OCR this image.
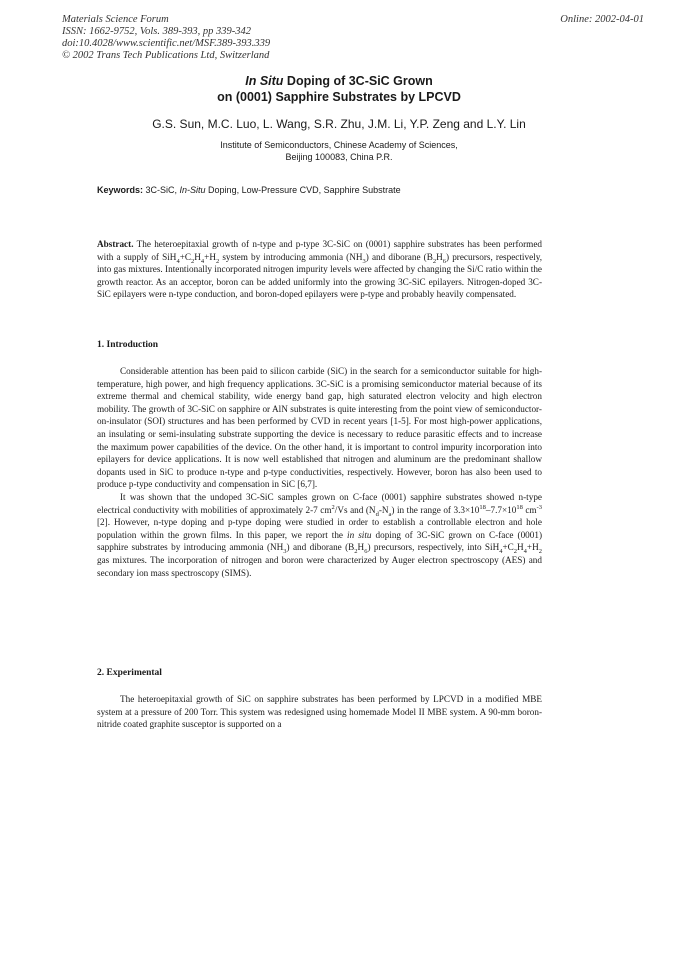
Materials Science Forum
ISSN: 1662-9752, Vols. 389-393, pp 339-342
doi:10.4028/www.scientific.net/MSF.389-393.339
© 2002 Trans Tech Publications Ltd, Switzerland
Online: 2002-04-01
In Situ Doping of 3C-SiC Grown
on (0001) Sapphire Substrates by LPCVD
G.S. Sun, M.C. Luo, L. Wang, S.R. Zhu, J.M. Li, Y.P. Zeng and L.Y. Lin
Institute of Semiconductors, Chinese Academy of Sciences,
Beijing 100083, China P.R.
Keywords: 3C-SiC, In-Situ Doping, Low-Pressure CVD, Sapphire Substrate

Abstract. The heteroepitaxial growth of n-type and p-type 3C-SiC on (0001) sapphire substrates has been performed with a supply of $SiH_4+C_2H_4+H_2$ system by introducing ammonia $(NH_3)$ and diborane $(B_2H_6)$ precursors, respectively, into gas mixtures. Intentionally incorporated nitrogen impurity levels were affected by changing the Si/C ratio within the growth reactor. As an acceptor, boron can be added uniformly into the growing 3C-SiC epilayers. Nitrogen-doped 3C-SiC epilayers were n-type conduction, and boron-doped epilayers were p-type and probably heavily compensated.

1. Introduction

Considerable attention has been paid to silicon carbide (SiC) in the search for a semiconductor suitable for high-temperature, high power, and high frequency applications. 3C-SiC is a promising semiconductor material because of its extreme thermal and chemical stability, wide energy band gap, high saturated electron velocity and high electron mobility. The growth of 3C-SiC on sapphire or AlN substrates is quite interesting from the point view of semiconductor-on-insulator (SOI) structures and has been performed by CVD in recent years [1-5]. For most high-power applications, an insulating or semi-insulating substrate supporting the device is necessary to reduce parasitic effects and to increase the maximum power capabilities of the device. On the other hand, it is important to control impurity incorporation into epilayers for device applications. It is now well established that nitrogen and aluminum are the predominant shallow dopants used in SiC to produce n-type and p-type conductivities, respectively. However, boron has also been used to produce p-type conductivity and compensation in SiC [6,7].

It was shown that the undoped 3C-SiC samples grown on C-face (0001) sapphire substrates showed n-type electrical conductivity with mobilities of approximately 2-7 $cm^2/Vs$ and $(N_d-N_a)$ in the range of $3.3\times 10^{18}-7.7\times 10^{18}$ $cm^{-3}$ [2]. However, n-type doping and p-type doping were studied in order to establish a controllable electron and hole population within the grown films. In this paper, we report the in situ doping of 3C-SiC grown on C-face (0001) sapphire substrates by introducing ammonia $(NH_3)$ and diborane $(B_2H_6)$ precursors, respectively, into $SiH_4+C_2H_4+H_2$ gas mixtures. The incorporation of nitrogen and boron were characterized by Auger electron spectroscopy (AES) and secondary ion mass spectroscopy (SIMS).

2. Experimental

The heteroepitaxial growth of SiC on sapphire substrates has been performed by LPCVD in a modified MBE system at a pressure of 200 Torr. This system was redesigned using homemade Model II MBE system. A 90-mm boron-nitride coated graphite susceptor is supported on a
